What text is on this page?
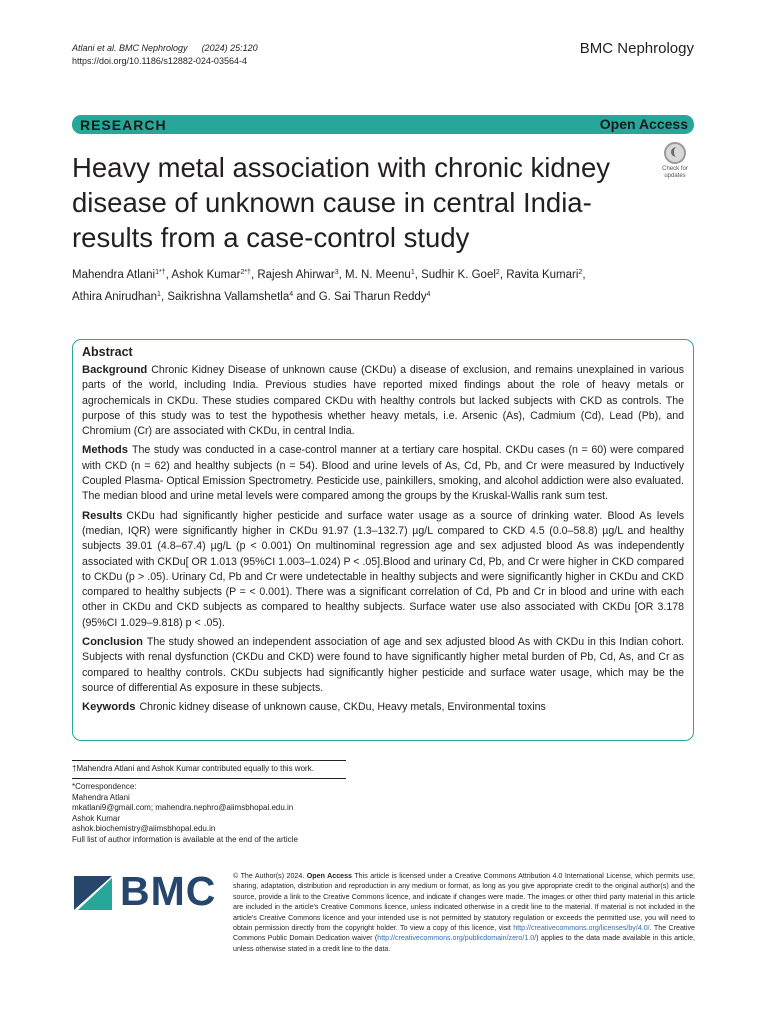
Atlani et al. BMC Nephrology (2024) 25:120
https://doi.org/10.1186/s12882-024-03564-4
BMC Nephrology
RESEARCH	Open Access
Check for
updates
Heavy metal association with chronic kidney disease of unknown cause in central India-results from a case-control study
Mahendra Atlani$^{1*\dagger}$, Ashok Kumar$^{2*\dagger}$, Rajesh Ahirwar$^3$, M. N. Meenu$^1$, Sudhir K. Goel$^2$, Ravita Kumari$^2$,
Athira Anirudhan$^1$, Saikrishna Vallamshetla$^4$ and G. Sai Tharun Reddy$^4$
Abstract

Background Chronic Kidney Disease of unknown cause (CKDu) a disease of exclusion, and remains unexplained in various parts of the world, including India. Previous studies have reported mixed findings about the role of heavy metals or agrochemicals in CKDu. These studies compared CKDu with healthy controls but lacked subjects with CKD as controls. The purpose of this study was to test the hypothesis whether heavy metals, i.e. Arsenic (As), Cadmium (Cd), Lead (Pb), and Chromium (Cr) are associated with CKDu, in central India.

Methods The study was conducted in a case-control manner at a tertiary care hospital. CKDu cases (n = 60) were compared with CKD (n = 62) and healthy subjects (n = 54). Blood and urine levels of As, Cd, Pb, and Cr were measured by Inductively Coupled Plasma- Optical Emission Spectrometry. Pesticide use, painkillers, smoking, and alcohol addiction were also evaluated. The median blood and urine metal levels were compared among the groups by the Kruskal-Wallis rank sum test.

Results CKDu had significantly higher pesticide and surface water usage as a source of drinking water. Blood As levels (median, IQR) were significantly higher in CKDu 91.97 (1.3–132.7) µg/L compared to CKD 4.5 (0.0–58.8) µg/L and healthy subjects 39.01 (4.8–67.4) µg/L (p < 0.001) On multinominal regression age and sex adjusted blood As was independently associated with CKDu[ OR 1.013 (95%CI 1.003–1.024) P < .05].Blood and urinary Cd, Pb, and Cr were higher in CKD compared to CKDu (p > .05). Urinary Cd, Pb and Cr were undetectable in healthy subjects and were significantly higher in CKDu and CKD compared to healthy subjects (P = < 0.001). There was a significant correlation of Cd, Pb and Cr in blood and urine with each other in CKDu and CKD subjects as compared to healthy subjects. Surface water use also associated with CKDu [OR 3.178 (95%CI 1.029–9.818) p < .05).

Conclusion The study showed an independent association of age and sex adjusted blood As with CKDu in this Indian cohort. Subjects with renal dysfunction (CKDu and CKD) were found to have significantly higher metal burden of Pb, Cd, As, and Cr as compared to healthy controls. CKDu subjects had significantly higher pesticide and surface water usage, which may be the source of differential As exposure in these subjects.

Keywords Chronic kidney disease of unknown cause, CKDu, Heavy metals, Environmental toxins

†Mahendra Atlani and Ashok Kumar contributed equally to this work.
*Correspondence:
Mahendra Atlani
mkatlani9@gmail.com; mahendra.nephro@aiimsbhopal.edu.in
Ashok Kumar
ashok.biochemistry@aiimsbhopal.edu.in
Full list of author information is available at the end of the article
BMC © The Author(s) 2024. Open Access This article is licensed under a Creative Commons Attribution 4.0 International License, which permits use, sharing, adaptation, distribution and reproduction in any medium or format, as long as you give appropriate credit to the original author(s) and the source, provide a link to the Creative Commons licence, and indicate if changes were made. The images or other third party material in this article are included in the article's Creative Commons licence, unless indicated otherwise in a credit line to the material. If material is not included in the article's Creative Commons licence and your intended use is not permitted by statutory regulation or exceeds the permitted use, you will need to obtain permission directly from the copyright holder. To view a copy of this licence, visit http://creativecommons.org/licenses/by/4.0/. The Creative Commons Public Domain Dedication waiver (http://creativecommons.org/publicdomain/zero/1.0/) applies to the data made available in this article, unless otherwise stated in a credit line to the data.
